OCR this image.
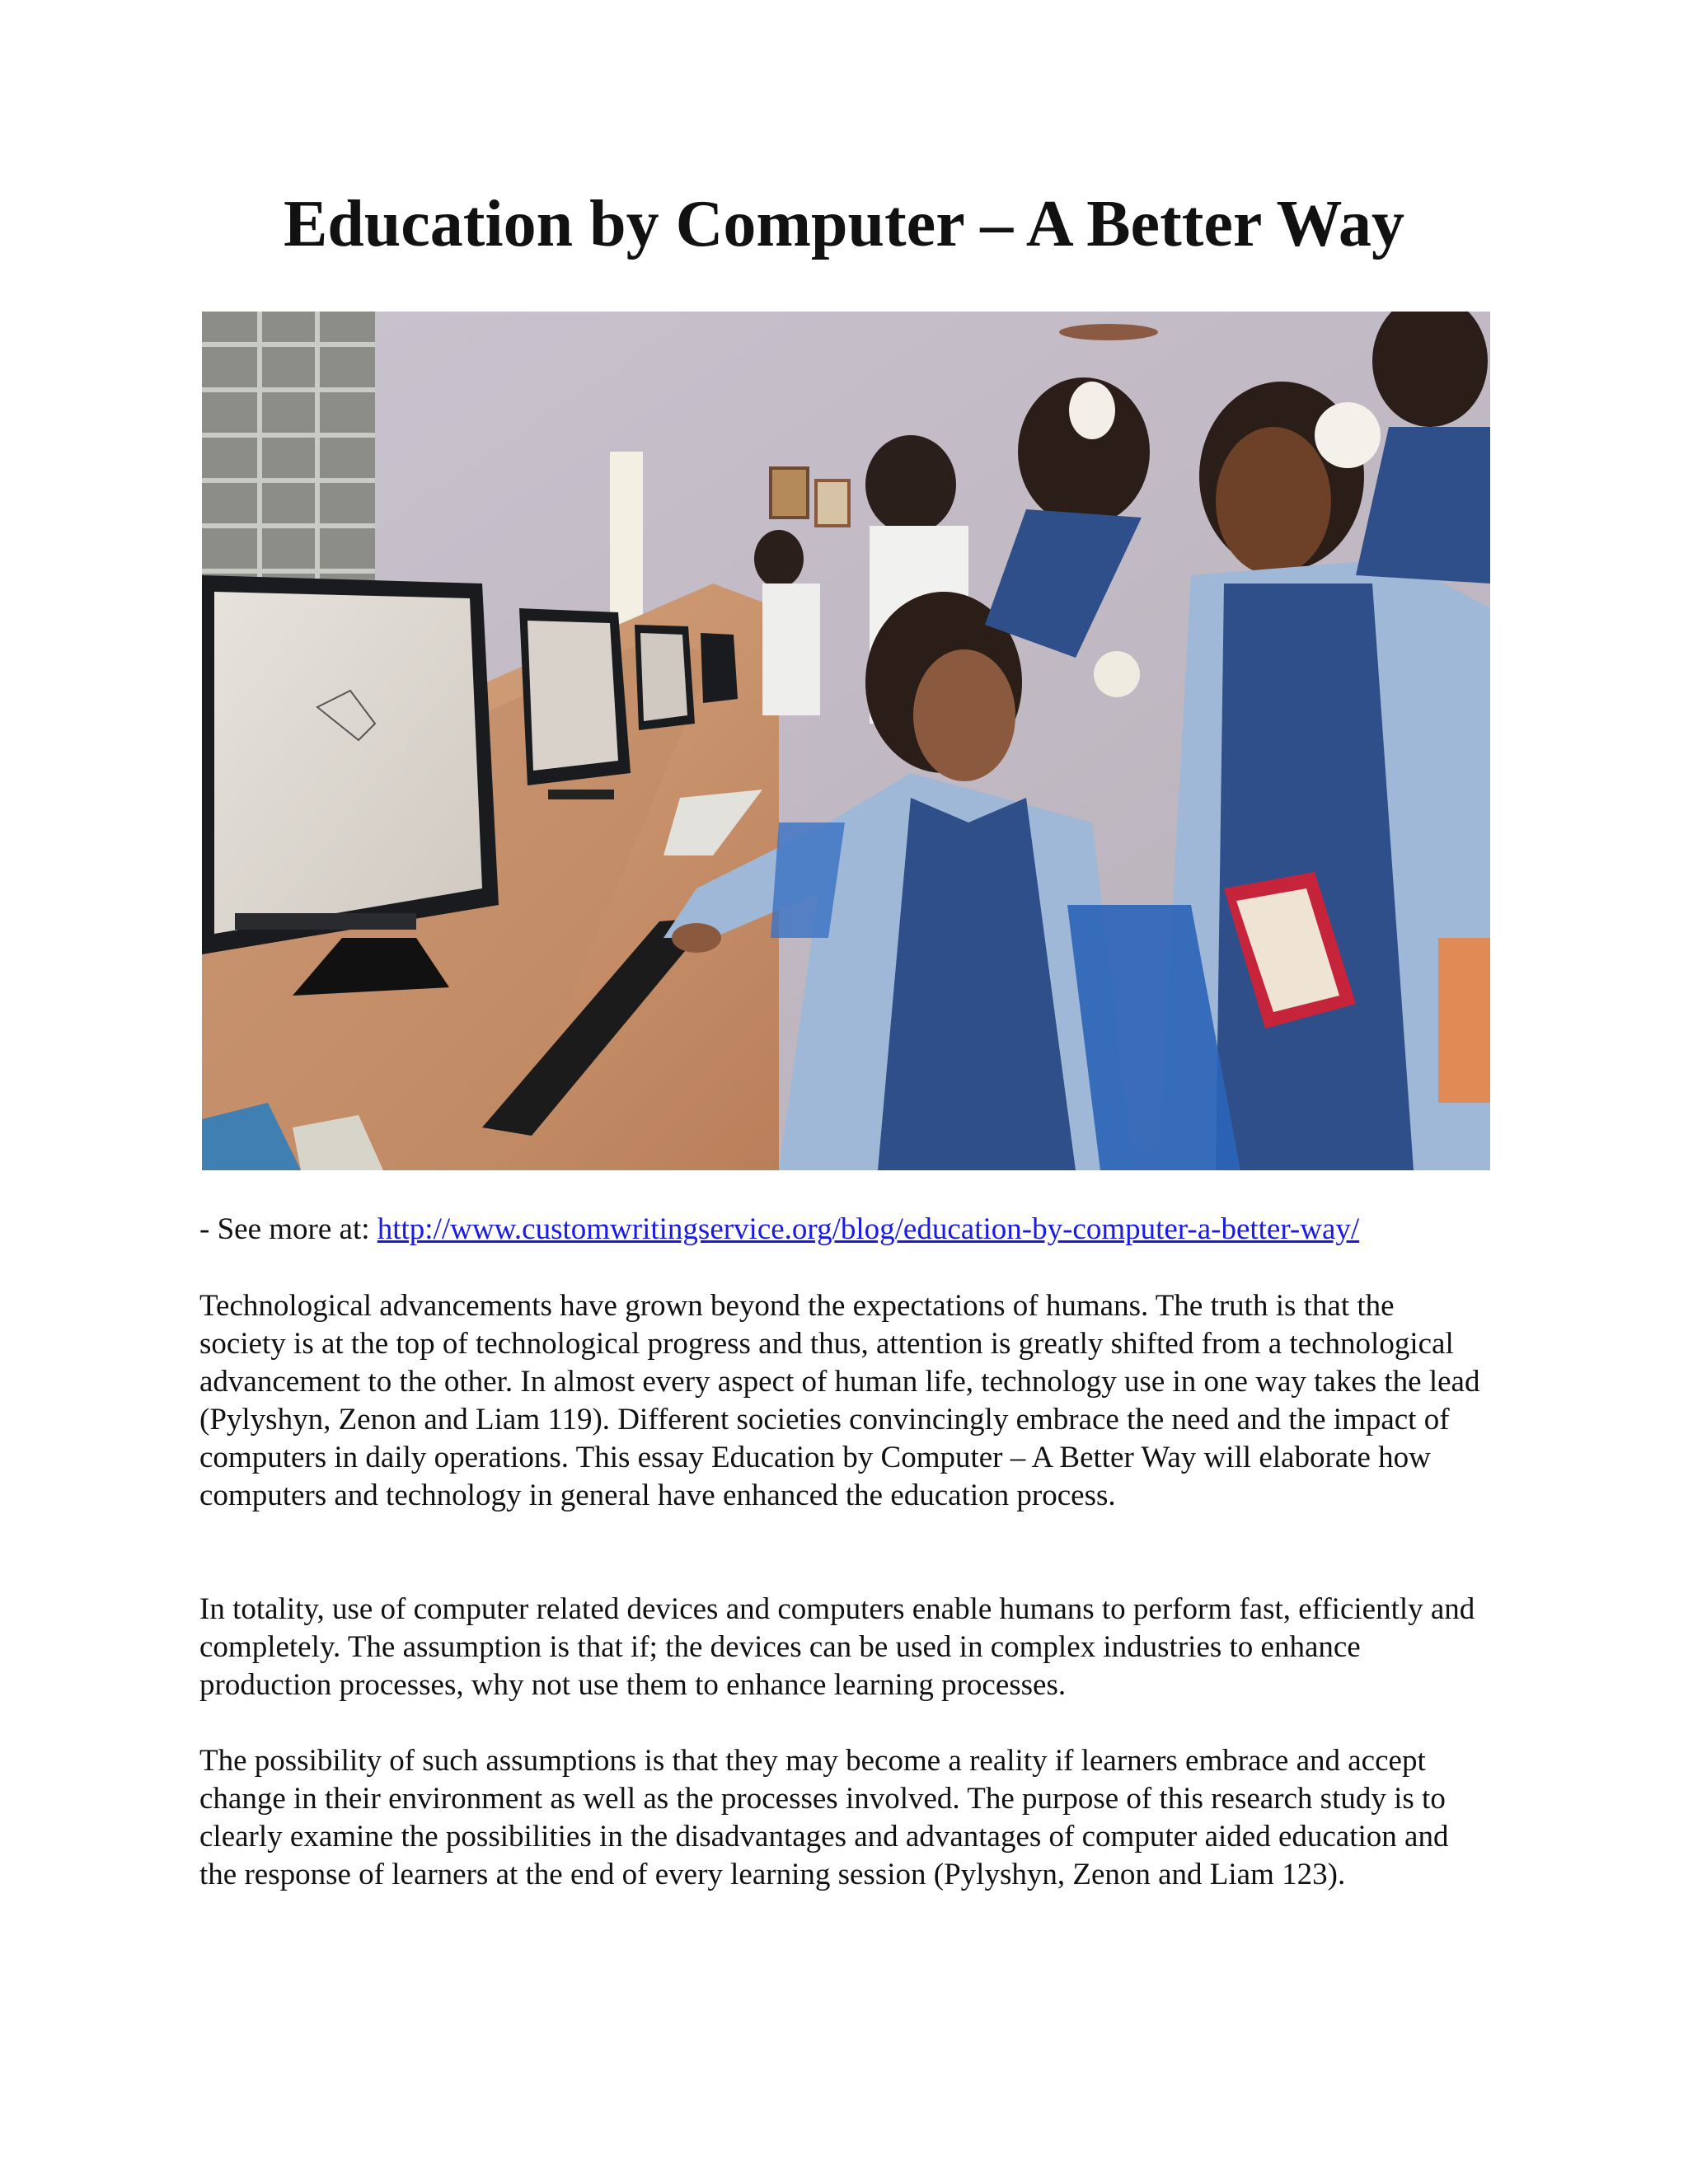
Education by Computer – A Better Way

- See more at: http://www.customwritingservice.org/blog/education-by-computer-a-better-way/

Technological advancements have grown beyond the expectations of humans. The truth is that the society is at the top of technological progress and thus, attention is greatly shifted from a technological advancement to the other. In almost every aspect of human life, technology use in one way takes the lead (Pylyshyn, Zenon and Liam 119). Different societies convincingly embrace the need and the impact of computers in daily operations. This essay Education by Computer – A Better Way will elaborate how computers and technology in general have enhanced the education process.

In totality, use of computer related devices and computers enable humans to perform fast, efficiently and completely. The assumption is that if; the devices can be used in complex industries to enhance production processes, why not use them to enhance learning processes.

The possibility of such assumptions is that they may become a reality if learners embrace and accept change in their environment as well as the processes involved. The purpose of this research study is to clearly examine the possibilities in the disadvantages and advantages of computer aided education and the response of learners at the end of every learning session (Pylyshyn, Zenon and Liam 123).
